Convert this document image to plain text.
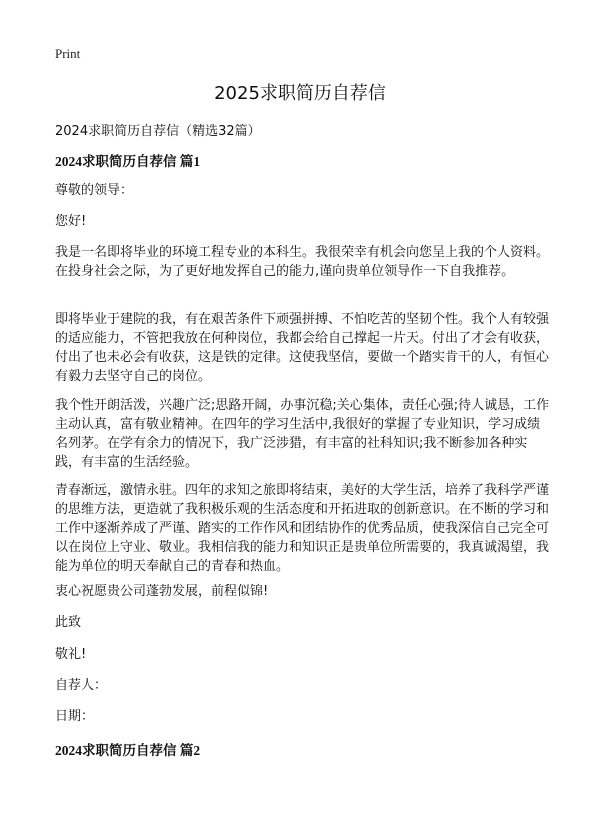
Print
2025求职简历自荐信

2024求职简历自荐信（精选32篇）

2024求职简历自荐信 篇1

尊敬的领导：

您好!

我是一名即将毕业的环境工程专业的本科生。我很荣幸有机会向您呈上我的个人资料。在投身社会之际，为了更好地发挥自己的能力,谨向贵单位领导作一下自我推荐。

即将毕业于建院的我，有在艰苦条件下顽强拼搏、不怕吃苦的坚韧个性。我个人有较强的适应能力，不管把我放在何种岗位，我都会给自己撑起一片天。付出了才会有收获，付出了也未必会有收获，这是铁的定律。这使我坚信，要做一个踏实肯干的人，有恒心有毅力去坚守自己的岗位。

我个性开朗活泼，兴趣广泛;思路开阔，办事沉稳;关心集体，责任心强;待人诚恳，工作主动认真，富有敬业精神。在四年的学习生活中,我很好的掌握了专业知识，学习成绩名列茅。在学有余力的情况下，我广泛涉猎，有丰富的社科知识;我不断参加各种实践，有丰富的生活经验。

青春渐远，激情永驻。四年的求知之旅即将结束，美好的大学生活，培养了我科学严谨的思维方法，更造就了我积极乐观的生活态度和开拓进取的创新意识。在不断的学习和工作中逐渐养成了严谨、踏实的工作作风和团结协作的优秀品质，使我深信自己完全可以在岗位上守业、敬业。我相信我的能力和知识正是贵单位所需要的，我真诚渴望，我能为单位的明天奉献自己的青春和热血。

衷心祝愿贵公司蓬勃发展，前程似锦!

此致

敬礼!

自荐人：

日期：

2024求职简历自荐信 篇2
